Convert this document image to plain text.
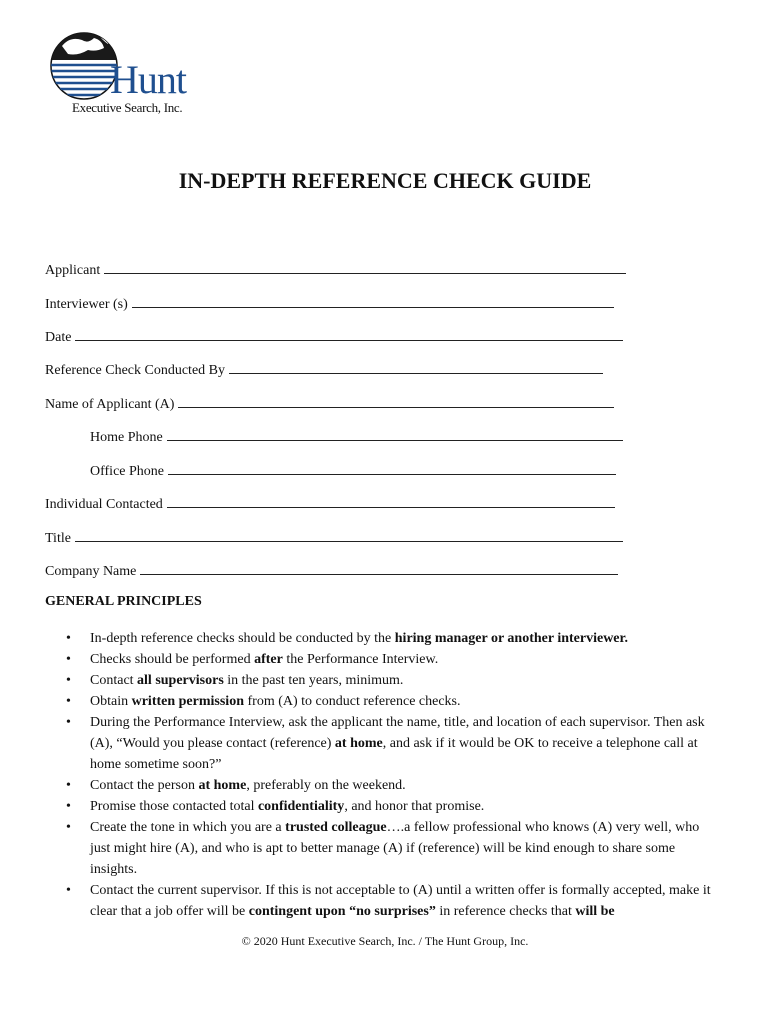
Hunt
Executive Search, Inc.
IN-DEPTH REFERENCE CHECK GUIDE
Applicant
Interviewer (s)
Date
Reference Check Conducted By
Name of Applicant (A)
Home Phone
Office Phone
Individual Contacted
Title
Company Name
GENERAL PRINCIPLES
• In-depth reference checks should be conducted by the hiring manager or another interviewer.
• Checks should be performed after the Performance Interview.
• Contact all supervisors in the past ten years, minimum.
• Obtain written permission from (A) to conduct reference checks.
• During the Performance Interview, ask the applicant the name, title, and location of each supervisor. Then ask (A), “Would you please contact (reference) at home, and ask if it would be OK to receive a telephone call at home sometime soon?”
• Contact the person at home, preferably on the weekend.
• Promise those contacted total confidentiality, and honor that promise.
• Create the tone in which you are a trusted colleague….a fellow professional who knows (A) very well, who just might hire (A), and who is apt to better manage (A) if (reference) will be kind enough to share some insights.
• Contact the current supervisor. If this is not acceptable to (A) until a written offer is formally accepted, make it clear that a job offer will be contingent upon “no surprises” in reference checks that will be
© 2020 Hunt Executive Search, Inc. / The Hunt Group, Inc.
